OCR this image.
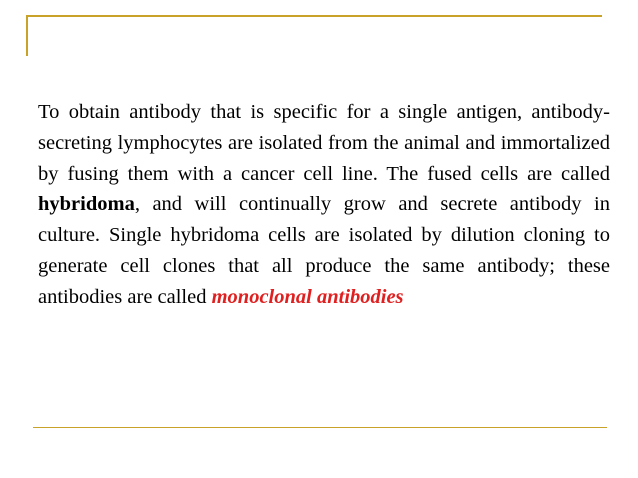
To obtain antibody that is specific for a single antigen, antibody-secreting lymphocytes are isolated from the animal and immortalized by fusing them with a cancer cell line. The fused cells are called hybridoma, and will continually grow and secrete antibody in culture. Single hybridoma cells are isolated by dilution cloning to generate cell clones that all produce the same antibody; these antibodies are called monoclonal antibodies
